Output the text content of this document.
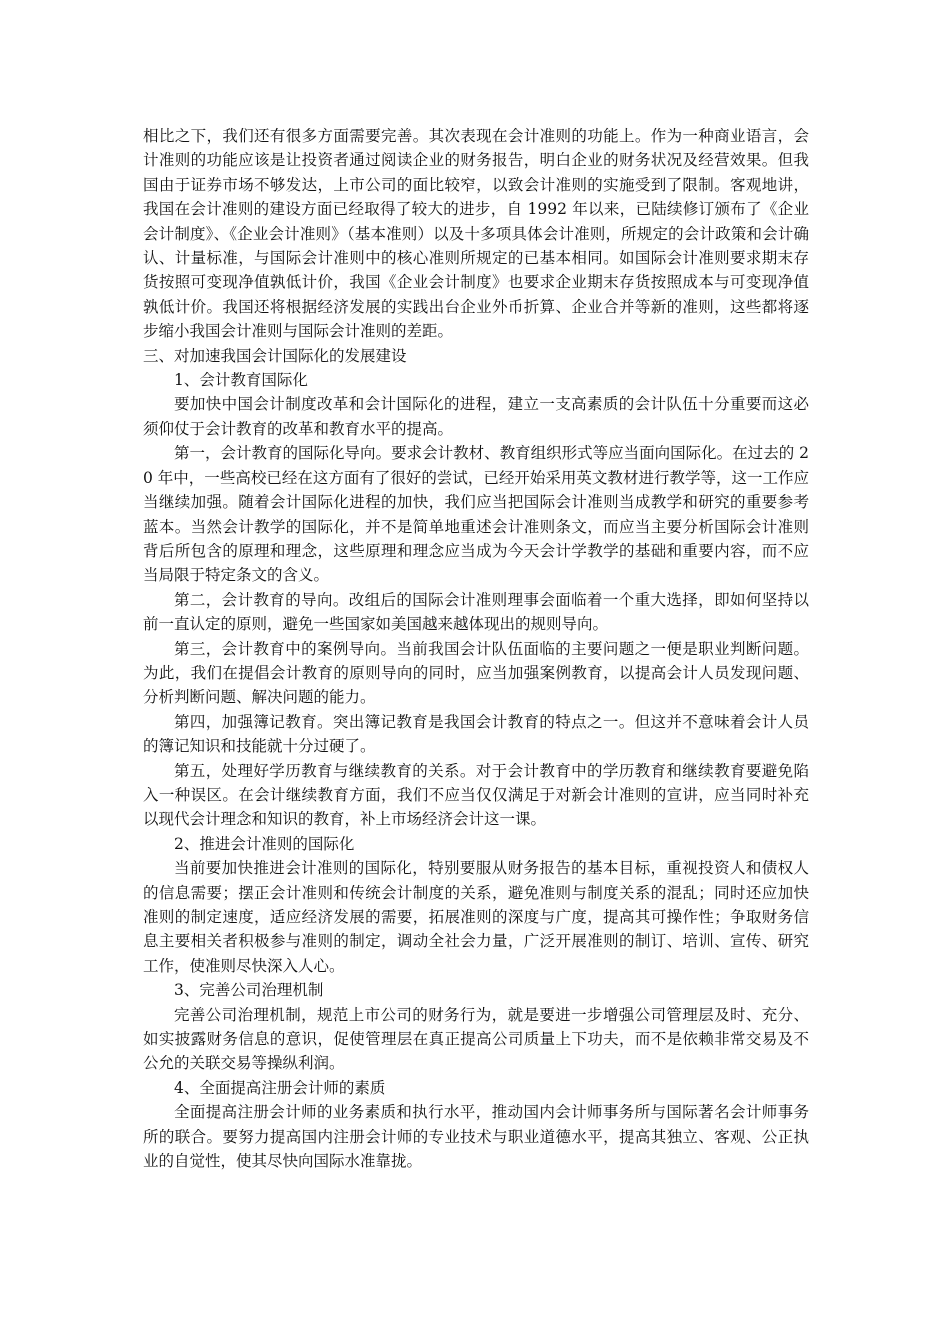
相比之下，我们还有很多方面需要完善。其次表现在会计准则的功能上。作为一种商业语言，会计准则的功能应该是让投资者通过阅读企业的财务报告，明白企业的财务状况及经营效果。但我国由于证券市场不够发达，上市公司的面比较窄，以致会计准则的实施受到了限制。客观地讲，我国在会计准则的建设方面已经取得了较大的进步，自 1992 年以来，已陆续修订颁布了《企业会计制度》、《企业会计准则》（基本准则）以及十多项具体会计准则，所规定的会计政策和会计确认、计量标准，与国际会计准则中的核心准则所规定的已基本相同。如国际会计准则要求期末存货按照可变现净值孰低计价，我国《企业会计制度》也要求企业期末存货按照成本与可变现净值孰低计价。我国还将根据经济发展的实践出台企业外币折算、企业合并等新的准则，这些都将逐步缩小我国会计准则与国际会计准则的差距。

三、对加速我国会计国际化的发展建设

1、会计教育国际化

要加快中国会计制度改革和会计国际化的进程，建立一支高素质的会计队伍十分重要而这必须仰仗于会计教育的改革和教育水平的提高。

第一，会计教育的国际化导向。要求会计教材、教育组织形式等应当面向国际化。在过去的 20 年中，一些高校已经在这方面有了很好的尝试，已经开始采用英文教材进行教学等，这一工作应当继续加强。随着会计国际化进程的加快，我们应当把国际会计准则当成教学和研究的重要参考蓝本。当然会计教学的国际化，并不是简单地重述会计准则条文，而应当主要分析国际会计准则背后所包含的原理和理念，这些原理和理念应当成为今天会计学教学的基础和重要内容，而不应当局限于特定条文的含义。

第二，会计教育的导向。改组后的国际会计准则理事会面临着一个重大选择，即如何坚持以前一直认定的原则，避免一些国家如美国越来越体现出的规则导向。

第三，会计教育中的案例导向。当前我国会计队伍面临的主要问题之一便是职业判断问题。为此，我们在提倡会计教育的原则导向的同时，应当加强案例教育，以提高会计人员发现问题、分析判断问题、解决问题的能力。

第四，加强簿记教育。突出簿记教育是我国会计教育的特点之一。但这并不意味着会计人员的簿记知识和技能就十分过硬了。

第五，处理好学历教育与继续教育的关系。对于会计教育中的学历教育和继续教育要避免陷入一种误区。在会计继续教育方面，我们不应当仅仅满足于对新会计准则的宣讲，应当同时补充以现代会计理念和知识的教育，补上市场经济会计这一课。

2、推进会计准则的国际化

当前要加快推进会计准则的国际化，特别要服从财务报告的基本目标，重视投资人和债权人的信息需要；摆正会计准则和传统会计制度的关系，避免准则与制度关系的混乱；同时还应加快准则的制定速度，适应经济发展的需要，拓展准则的深度与广度，提高其可操作性；争取财务信息主要相关者积极参与准则的制定，调动全社会力量，广泛开展准则的制订、培训、宣传、研究工作，使准则尽快深入人心。

3、完善公司治理机制

完善公司治理机制，规范上市公司的财务行为，就是要进一步增强公司管理层及时、充分、如实披露财务信息的意识，促使管理层在真正提高公司质量上下功夫，而不是依赖非常交易及不公允的关联交易等操纵利润。

4、全面提高注册会计师的素质

全面提高注册会计师的业务素质和执行水平，推动国内会计师事务所与国际著名会计师事务所的联合。要努力提高国内注册会计师的专业技术与职业道德水平，提高其独立、客观、公正执业的自觉性，使其尽快向国际水准靠拢。
